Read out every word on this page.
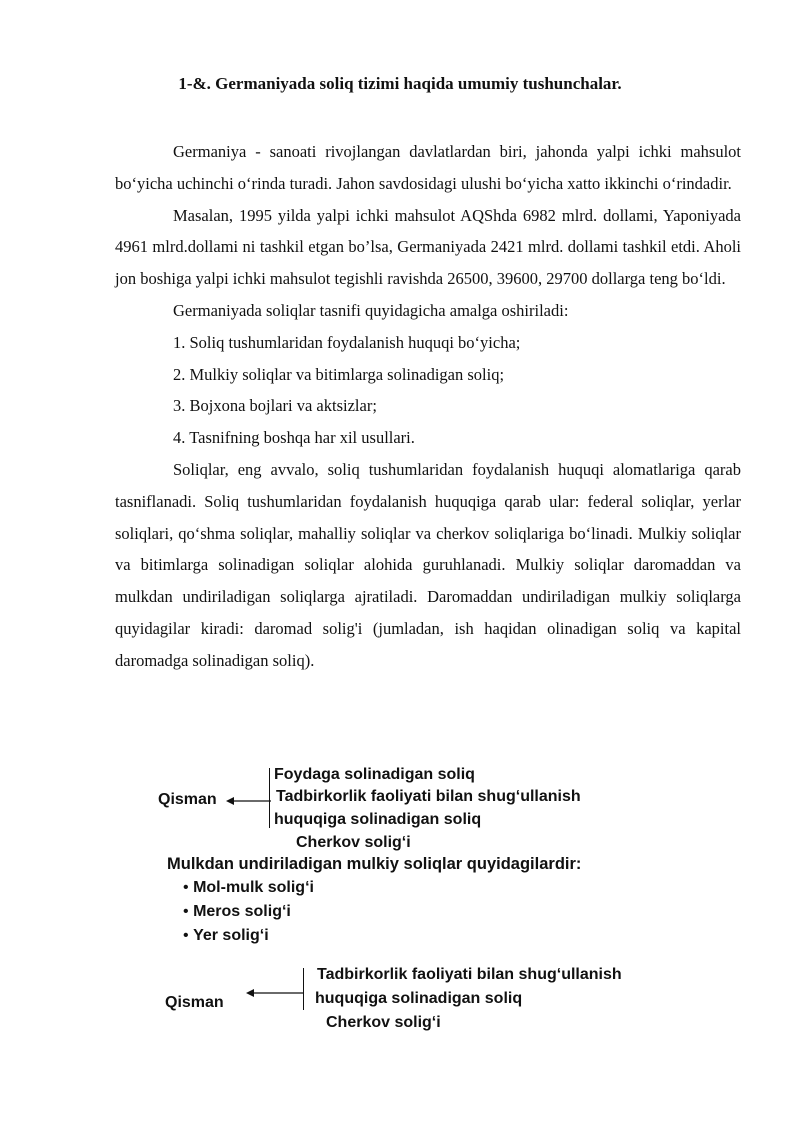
1-&. Germaniyada soliq tizimi haqida umumiy tushunchalar.

Germaniya - sanoati rivojlangan davlatlardan biri, jahonda yalpi ichki mahsulot bo‘yicha uchinchi o‘rinda turadi. Jahon savdosidagi ulushi bo‘yicha xatto ikkinchi o‘rindadir.

Masalan, 1995 yilda yalpi ichki mahsulot AQShda 6982 mlrd. dollami, Yaponiyada 4961 mlrd.dollami ni tashkil etgan bo’lsa, Germaniyada 2421 mlrd. dollami tashkil etdi. Aholi jon boshiga yalpi ichki mahsulot tegishli ravishda 26500, 39600, 29700 dollarga teng bo‘ldi.

Germaniyada soliqlar tasnifi quyidagicha amalga oshiriladi:

1. Soliq tushumlaridan foydalanish huquqi bo‘yicha;

2. Mulkiy soliqlar va bitimlarga solinadigan soliq;

3. Bojxona bojlari va aktsizlar;

4. Tasnifning boshqa har xil usullari.

Soliqlar, eng avvalo, soliq tushumlaridan foydalanish huquqi alomatlariga qarab tasniflanadi. Soliq tushumlaridan foydalanish huquqiga qarab ular: federal soliqlar, yerlar soliqlari, qo‘shma soliqlar, mahalliy soliqlar va cherkov soliqlariga bo‘linadi. Mulkiy soliqlar va bitimlarga solinadigan soliqlar alohida guruhlanadi. Mulkiy soliqlar daromaddan va mulkdan undiriladigan soliqlarga ajratiladi. Daromaddan undiriladigan mulkiy soliqlarga quyidagilar kiradi: daromad solig'i (jumladan, ish haqidan olinadigan soliq va kapital daromadga solinadigan soliq).

Qisman
Foydaga solinadigan soliq
Tadbirkorlik faoliyati bilan shug‘ullanish
huquqiga solinadigan soliq
Cherkov solig‘i
Mulkdan undiriladigan mulkiy soliqlar quyidagilardir:
• Mol-mulk solig‘i
• Meros solig‘i
• Yer solig‘i
Qisman
Tadbirkorlik faoliyati bilan shug‘ullanish
huquqiga solinadigan soliq
Cherkov solig‘i
